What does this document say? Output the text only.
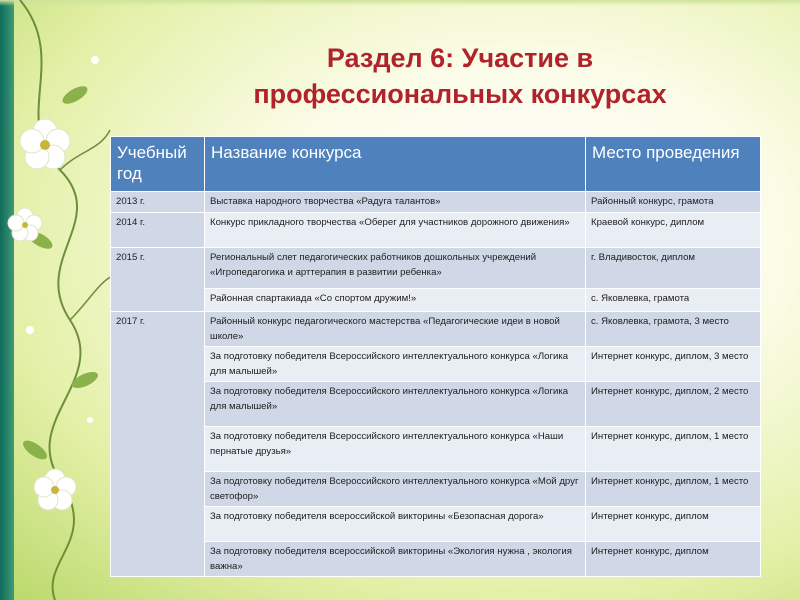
Раздел 6: Участие в
профессиональных конкурсах
Учебный год	Название конкурса	Место проведения
2013 г.	Выставка народного творчества «Радуга талантов»	Районный конкурс, грамота
2014 г.	Конкурс прикладного творчества «Оберег для участников дорожного движения»	Краевой конкурс, диплом
2015 г.	Региональный слет педагогических работников дошкольных учреждений «Игропедагогика и арттерапия в развитии ребенка»	г. Владивосток, диплом
	Районная спартакиада «Со спортом дружим!»	с. Яковлевка, грамота
2017 г.	Районный конкурс педагогического мастерства «Педагогические идеи в новой школе»	с. Яковлевка, грамота, 3 место
	За подготовку победителя Всероссийского интеллектуального конкурса «Логика для малышей»	Интернет конкурс, диплом, 3 место
	За подготовку победителя Всероссийского интеллектуального конкурса «Логика для малышей»	Интернет конкурс, диплом, 2 место
	За подготовку победителя Всероссийского интеллектуального конкурса «Наши пернатые друзья»	Интернет конкурс, диплом, 1 место
	За подготовку победителя Всероссийского интеллектуального конкурса «Мой друг светофор»	Интернет конкурс, диплом, 1 место
	За подготовку победителя всероссийской викторины «Безопасная дорога»	Интернет конкурс, диплом
	За подготовку победителя всероссийской викторины «Экология нужна , экология важна»	Интернет конкурс, диплом
